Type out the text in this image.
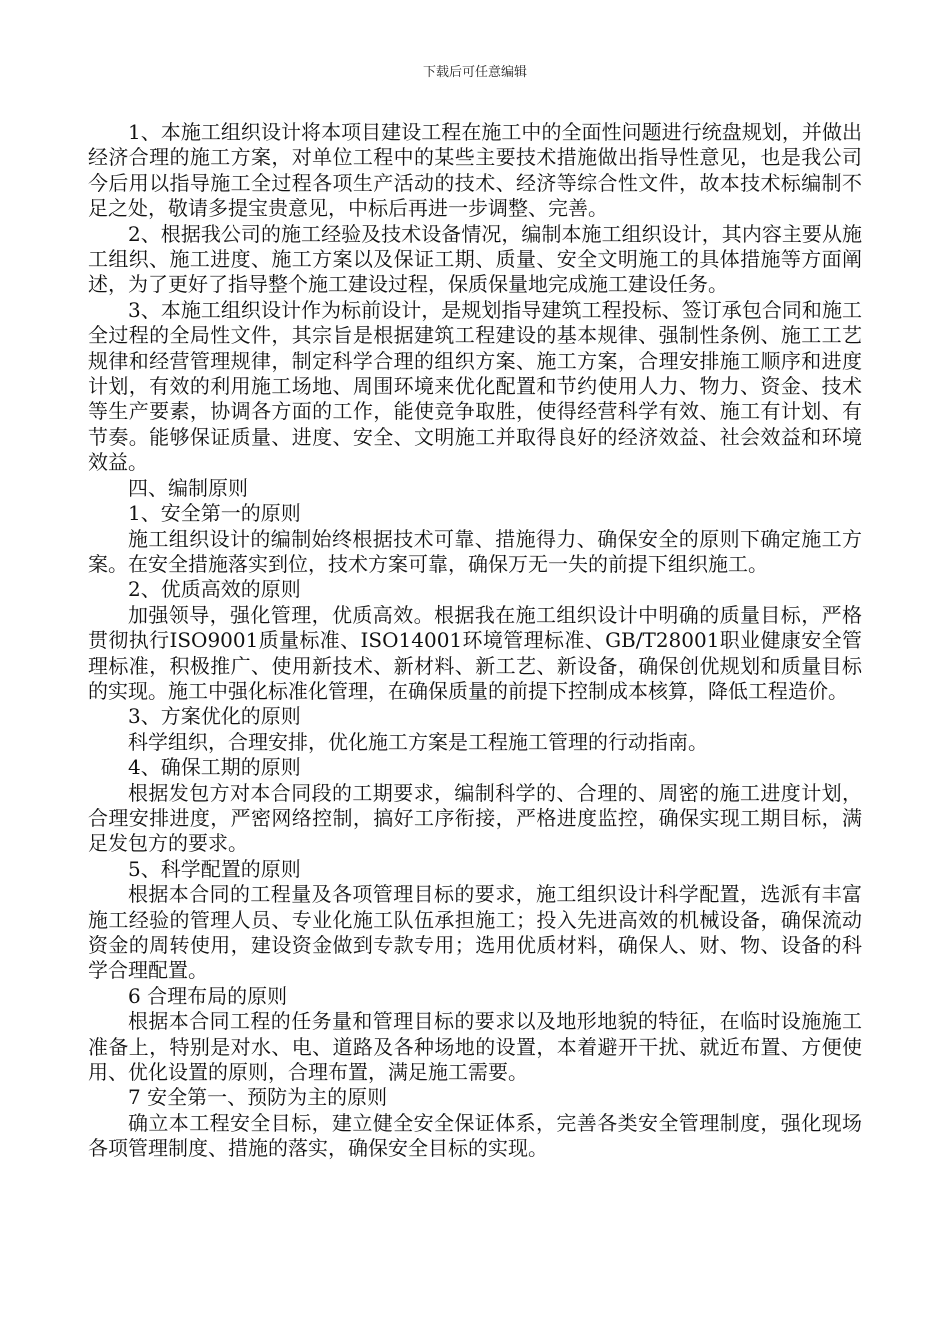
下载后可任意编辑

1、本施工组织设计将本项目建设工程在施工中的全面性问题进行统盘规划，并做出经济合理的施工方案，对单位工程中的某些主要技术措施做出指导性意见，也是我公司今后用以指导施工全过程各项生产活动的技术、经济等综合性文件，故本技术标编制不足之处，敬请多提宝贵意见，中标后再进一步调整、完善。

2、根据我公司的施工经验及技术设备情况，编制本施工组织设计，其内容主要从施工组织、施工进度、施工方案以及保证工期、质量、安全文明施工的具体措施等方面阐述，为了更好了指导整个施工建设过程，保质保量地完成施工建设任务。

3、本施工组织设计作为标前设计，是规划指导建筑工程投标、签订承包合同和施工全过程的全局性文件，其宗旨是根据建筑工程建设的基本规律、强制性条例、施工工艺规律和经营管理规律，制定科学合理的组织方案、施工方案，合理安排施工顺序和进度计划，有效的利用施工场地、周围环境来优化配置和节约使用人力、物力、资金、技术等生产要素，协调各方面的工作，能使竞争取胜，使得经营科学有效、施工有计划、有节奏。能够保证质量、进度、安全、文明施工并取得良好的经济效益、社会效益和环境效益。

四、编制原则

1、安全第一的原则

施工组织设计的编制始终根据技术可靠、措施得力、确保安全的原则下确定施工方案。在安全措施落实到位，技术方案可靠，确保万无一失的前提下组织施工。

2、优质高效的原则

加强领导，强化管理，优质高效。根据我在施工组织设计中明确的质量目标，严格贯彻执行ISO9001质量标准、ISO14001环境管理标准、GB/T28001职业健康安全管理标准，积极推广、使用新技术、新材料、新工艺、新设备，确保创优规划和质量目标的实现。施工中强化标准化管理，在确保质量的前提下控制成本核算，降低工程造价。

3、方案优化的原则

科学组织，合理安排，优化施工方案是工程施工管理的行动指南。

4、确保工期的原则

根据发包方对本合同段的工期要求，编制科学的、合理的、周密的施工进度计划，合理安排进度，严密网络控制，搞好工序衔接，严格进度监控，确保实现工期目标，满足发包方的要求。

5、科学配置的原则

根据本合同的工程量及各项管理目标的要求，施工组织设计科学配置，选派有丰富施工经验的管理人员、专业化施工队伍承担施工；投入先进高效的机械设备，确保流动资金的周转使用，建设资金做到专款专用；选用优质材料，确保人、财、物、设备的科学合理配置。

6 合理布局的原则

根据本合同工程的任务量和管理目标的要求以及地形地貌的特征，在临时设施施工准备上，特别是对水、电、道路及各种场地的设置，本着避开干扰、就近布置、方便使用、优化设置的原则，合理布置，满足施工需要。

7 安全第一、预防为主的原则

确立本工程安全目标，建立健全安全保证体系，完善各类安全管理制度，强化现场各项管理制度、措施的落实，确保安全目标的实现。
